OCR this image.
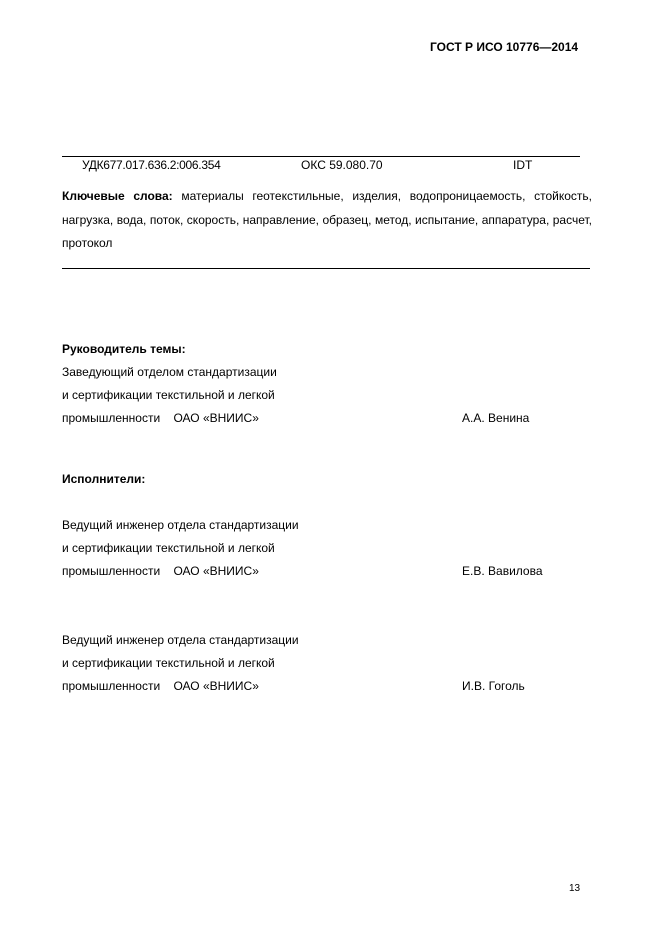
ГОСТ Р ИСО 10776—2014
УДК677.017.636.2:006.354	ОКС 59.080.70	IDT
Ключевые слова: материалы геотекстильные, изделия, водопроницаемость, стойкость, нагрузка, вода, поток, скорость, направление, образец, метод, испытание, аппаратура, расчет, протокол
Руководитель темы:
Заведующий отделом стандартизации
и сертификации текстильной и легкой
промышленности    ОАО «ВНИИС»	А.А. Венина
Исполнители:
Ведущий инженер отдела стандартизации
и сертификации текстильной и легкой
промышленности    ОАО «ВНИИС»	Е.В. Вавилова
Ведущий инженер отдела стандартизации
и сертификации текстильной и легкой
промышленности    ОАО «ВНИИС»	И.В. Гоголь
13
